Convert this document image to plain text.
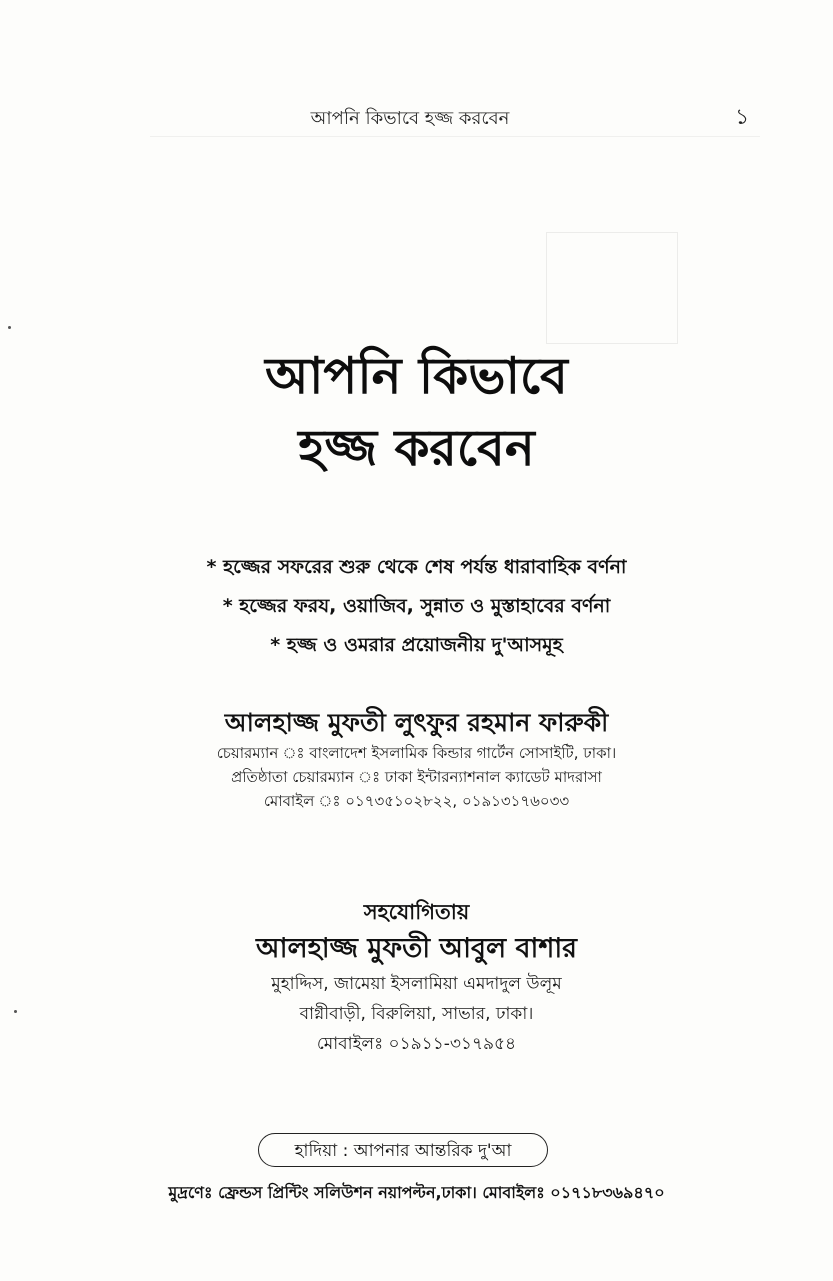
আপনি কিভাবে হজ্জ করবেন	১
আপনি কিভাবে
হজ্জ করবেন
* হজ্জের সফরের শুরু থেকে শেষ পর্যন্ত ধারাবাহিক বর্ণনা
* হজ্জের ফরয, ওয়াজিব, সুন্নাত ও মুস্তাহাবের বর্ণনা
* হজ্জ ও ওমরার প্রয়োজনীয় দু'আসমূহ
আলহাজ্জ মুফতী লুৎফুর রহমান ফারুকী
চেয়ারম্যান ঃ বাংলাদেশ ইসলামিক কিন্ডার গার্টেন সোসাইটি, ঢাকা।
প্রতিষ্ঠাতা চেয়ারম্যান ঃ ঢাকা ইন্টারন্যাশনাল ক্যাডেট মাদরাসা
মোবাইল ঃ ০১৭৩৫১০২৮২২, ০১৯১৩১৭৬০৩৩
সহযোগিতায়
আলহাজ্জ মুফতী আবুল বাশার
মুহাদ্দিস, জামেয়া ইসলামিয়া এমদাদুল উলূম
বাগ্নীবাড়ী, বিরুলিয়া, সাভার, ঢাকা।
মোবাইলঃ ০১৯১১-৩১৭৯৫৪
হাদিয়া : আপনার আন্তরিক দু'আ
মুদ্রণেঃ ফ্রেন্ডস প্রিন্টিং সলিউশন নয়াপল্টন,ঢাকা। মোবাইলঃ ০১৭১৮৩৬৯৪৭০
